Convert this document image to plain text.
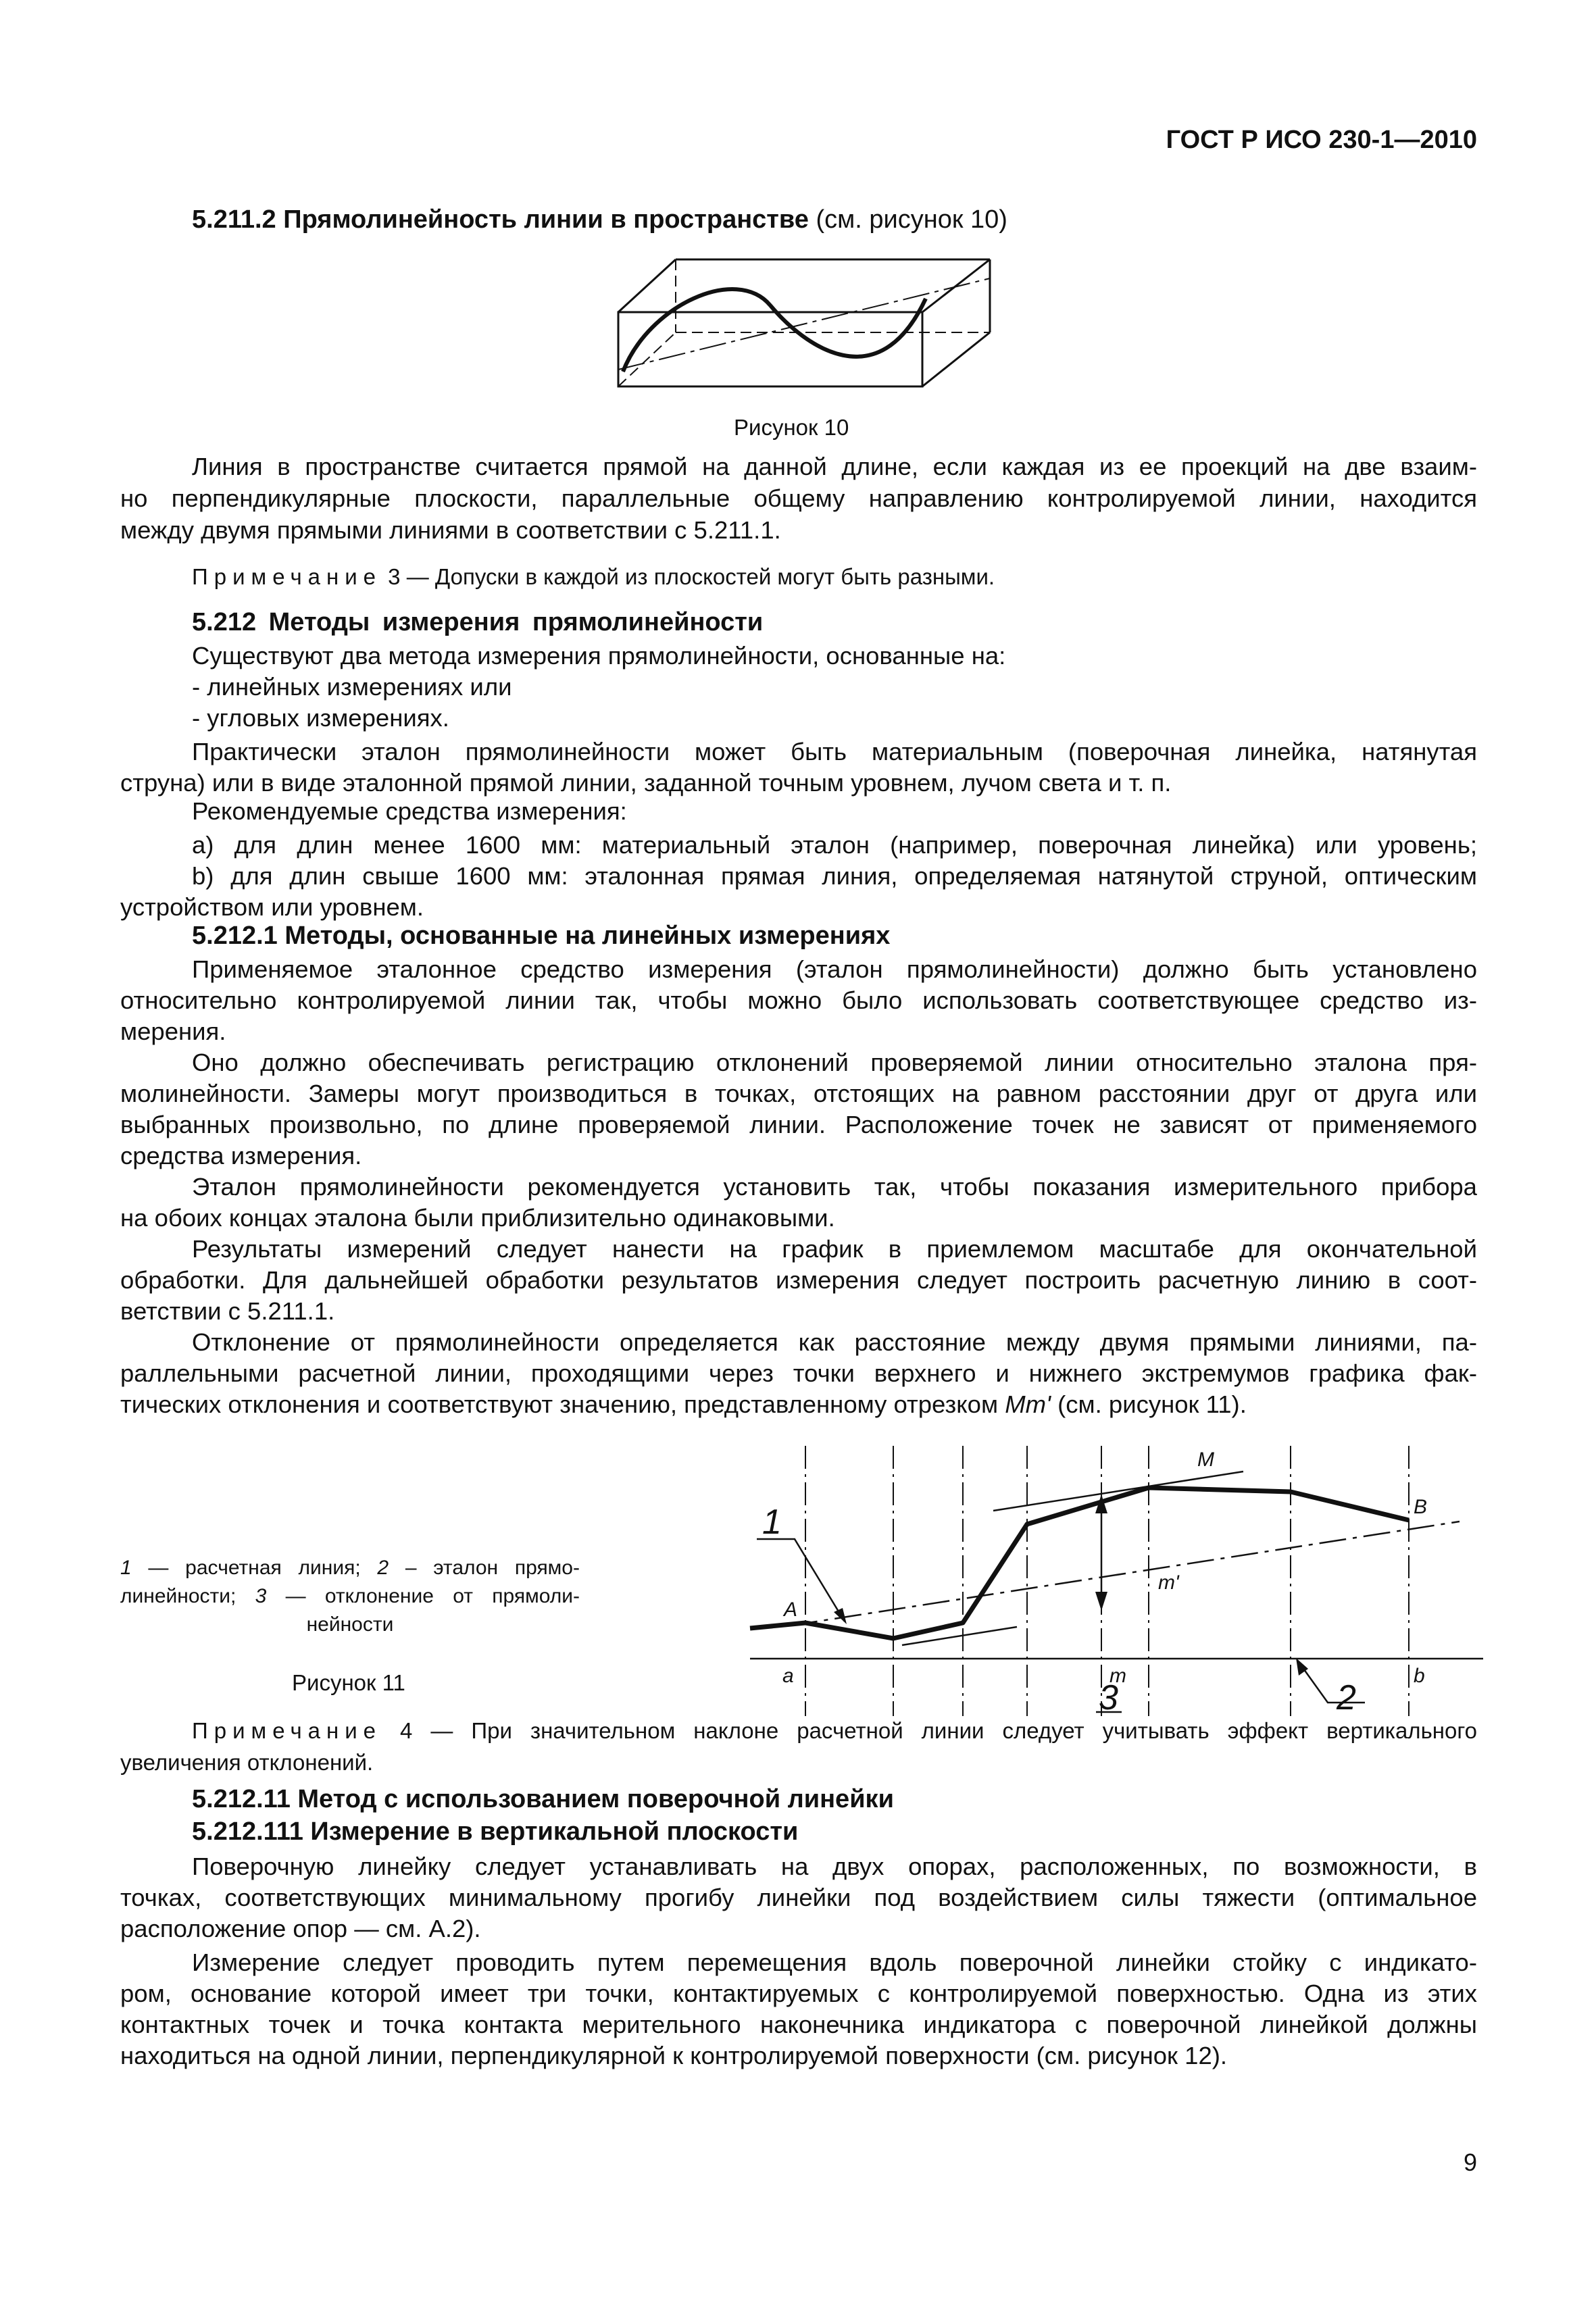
ГОСТ Р ИСО 230-1—2010
5.211.2 Прямолинейность линии в пространстве (см. рисунок 10)
Рисунок 10
Линия в пространстве считается прямой на данной длине, если каждая из ее проекций на две взаим-
но перпендикулярные плоскости, параллельные общему направлению контролируемой линии, находится
между двумя прямыми линиями в соответствии с 5.211.1.
Примечание 3 — Допуски в каждой из плоскостей могут быть разными.
5.212 Методы измерения прямолинейности
Существуют два метода измерения прямолинейности, основанные на:
- линейных измерениях или
- угловых измерениях.
Практически эталон прямолинейности может быть материальным (поверочная линейка, натянутая
струна) или в виде эталонной прямой линии, заданной точным уровнем, лучом света и т. п.
Рекомендуемые средства измерения:
a) для длин менее 1600 мм: материальный эталон (например, поверочная линейка) или уровень;
b) для длин свыше 1600 мм: эталонная прямая линия, определяемая натянутой струной, оптическим
устройством или уровнем.
5.212.1 Методы, основанные на линейных измерениях
Применяемое эталонное средство измерения (эталон прямолинейности) должно быть установлено
относительно контролируемой линии так, чтобы можно было использовать соответствующее средство из-
мерения.
Оно должно обеспечивать регистрацию отклонений проверяемой линии относительно эталона пря-
молинейности. Замеры могут производиться в точках, отстоящих на равном расстоянии друг от друга или
выбранных произвольно, по длине проверяемой линии. Расположение точек не зависят от применяемого
средства измерения.
Эталон прямолинейности рекомендуется установить так, чтобы показания измерительного прибора
на обоих концах эталона были приблизительно одинаковыми.
Результаты измерений следует нанести на график в приемлемом масштабе для окончательной
обработки. Для дальнейшей обработки результатов измерения следует построить расчетную линию в соот-
ветствии с 5.211.1.
Отклонение от прямолинейности определяется как расстояние между двумя прямыми линиями, па-
раллельными расчетной линии, проходящими через точки верхнего и нижнего экстремумов графика фак-
тических отклонения и соответствуют значению, представленному отрезком Mm' (см. рисунок 11).
1 — расчетная линия; 2 – эталон прямо-
линейности; 3 — отклонение от прямоли-
нейности
Рисунок 11
1
3	2
A
B
M
m'
a	m	b
Примечание 4 — При значительном наклоне расчетной линии следует учитывать эффект вертикального
увеличения отклонений.
5.212.11 Метод с использованием поверочной линейки
5.212.111 Измерение в вертикальной плоскости
Поверочную линейку следует устанавливать на двух опорах, расположенных, по возможности, в
точках, соответствующих минимальному прогибу линейки под воздействием силы тяжести (оптимальное
расположение опор — см. А.2).
Измерение следует проводить путем перемещения вдоль поверочной линейки стойку с индикато-
ром, основание которой имеет три точки, контактируемых с контролируемой поверхностью. Одна из этих
контактных точек и точка контакта мерительного наконечника индикатора с поверочной линейкой должны
находиться на одной линии, перпендикулярной к контролируемой поверхности (см. рисунок 12).
9
